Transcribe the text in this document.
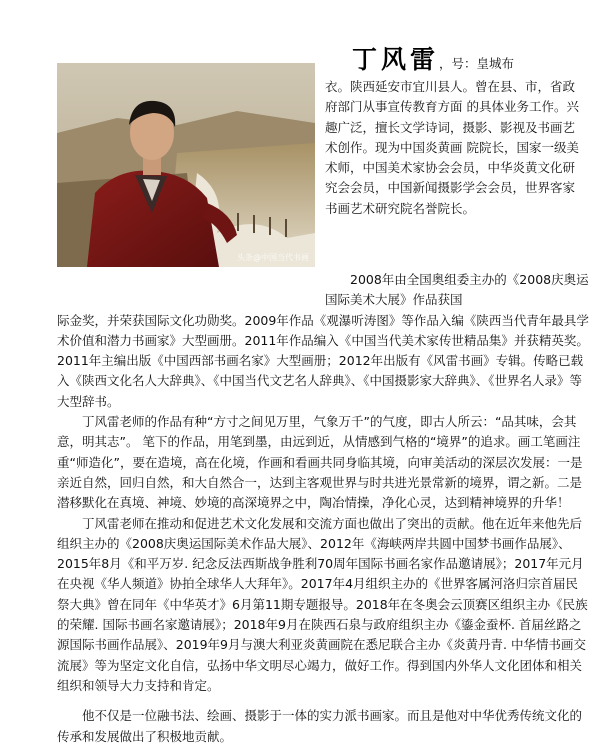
头条@中国当代书画
丁风雷，号：皇城布

衣。陕西延安市宜川县人。曾在县、市，省政府部门从事宣传教育方面 的具体业务工作。兴趣广泛，擅长文学诗词，摄影、影视及书画艺术创作。现为中国炎黄画 院院长，国家一级美术师，中国美术家协会会员，中华炎黄文化研究会会员，中国新闻摄影学会会员，世界客家书画艺术研究院名誉院长。

2008年由全国奥组委主办的《2008庆奥运国际美术大展》作品获国

际金奖，并荣获国际文化功勋奖。2009年作品《观瀑听涛图》等作品入编《陕西当代青年最具学术价值和潜力书画家》大型画册。2011年作品编入《中国当代美术家传世精品集》并获精英奖。2011年主编出版《中国西部书画名家》大型画册；2012年出版有《风雷书画》专辑。传略已载入《陕西文化名人大辞典》、《中国当代文艺名人辞典》、《中国摄影家大辞典》、《世界名人录》等大型辞书。

丁风雷老师的作品有种“方寸之间见万里，气象万千”的气度，即古人所云：“品其味，会其意，明其志”。 笔下的作品，用笔到墨，由远到近，从情感到气格的“境界”的追求。画工笔画注重“师造化”，要在造境，高在化境，作画和看画共同身临其境，向审美活动的深层次发展：一是亲近自然，回归自然，和大自然合一，达到主客观世界与时共进光景常新的境界，谓之新。二是潜移默化在真境、神境、妙境的高深境界之中，陶冶情操，净化心灵，达到精神境界的升华！

丁风雷老师在推动和促进艺术文化发展和交流方面也做出了突出的贡献。他在近年来他先后组织主办的《2008庆奥运国际美术作品大展》、2012年《海峡两岸共圆中国梦书画作品展》、2015年8月《和平万岁. 纪念反法西斯战争胜利70周年国际书画名家作品邀请展》；2017年元月在央视《华人频道》协拍全球华人大拜年》。2017年4月组织主办的《世界客属河洛归宗首届民祭大典》曾在同年《中华英才》6月第11期专题报导。2018年在冬奥会云顶赛区组织主办《民族的荣耀. 国际书画名家邀请展》；2018年9月在陕西石泉与政府组织主办《鎏金蚕杯. 首届丝路之源国际书画作品展》、2019年9月与澳大利亚炎黄画院在悉尼联合主办《炎黄丹青. 中华情书画交流展》等为坚定文化自信，弘扬中华文明尽心竭力，做好工作。得到国内外华人文化团体和相关组织和领导大力支持和肯定。

他不仅是一位融书法、绘画、摄影于一体的实力派书画家。而且是他对中华优秀传统文化的传承和发展做出了积极地贡献。
